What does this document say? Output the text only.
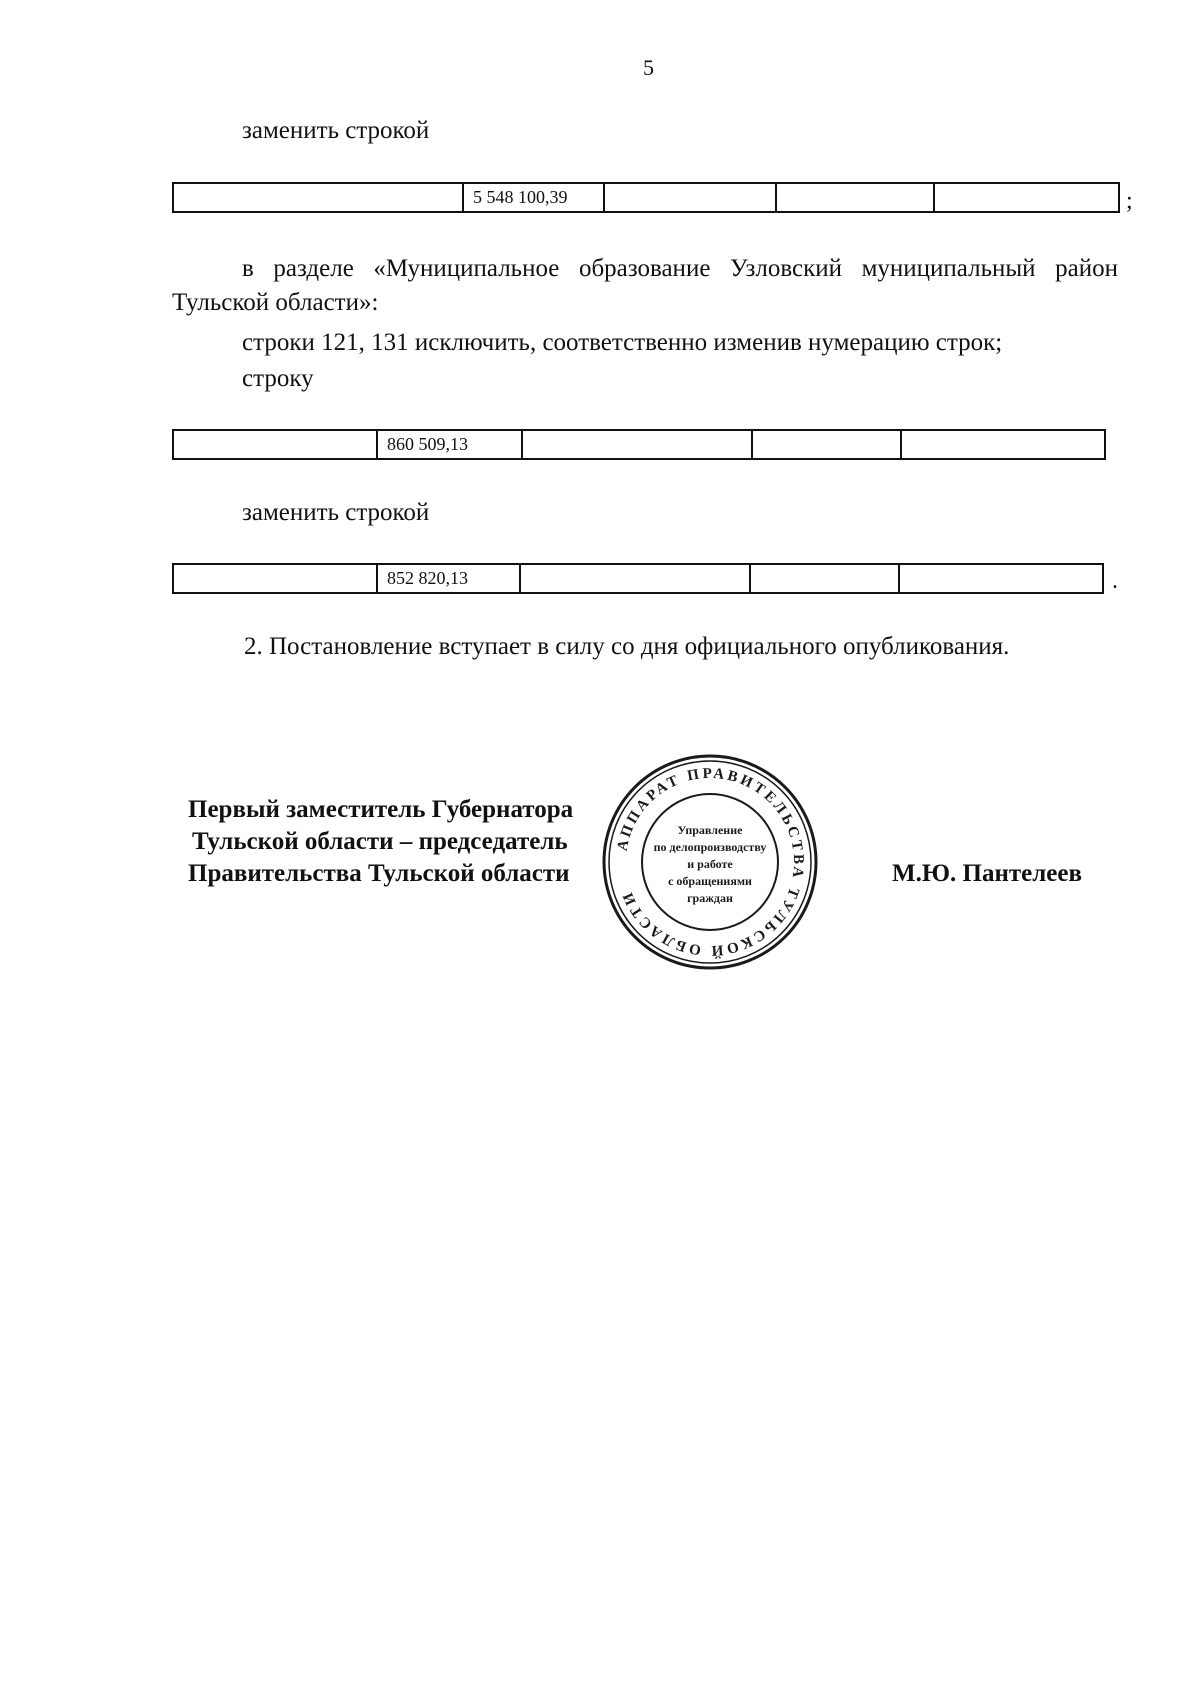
5
заменить строкой
	5 548 100,39				;
в разделе «Муниципальное образование Узловский муниципальный район Тульской области»:
строки 121, 131 исключить, соответственно изменив нумерацию строк;
строку
	860 509,13			
заменить строкой
	852 820,13				.
2. Постановление вступает в силу со дня официального опубликования.
Первый заместитель Губернатора
Тульской области – председатель
Правительства Тульской области	М.Ю. Пантелеев
АППАРАТ ПРАВИТЕЛЬСТВА ТУЛЬСКОЙ ОБЛАСТИ
Управление
по делопроизводству
и работе
с обращениями
граждан
